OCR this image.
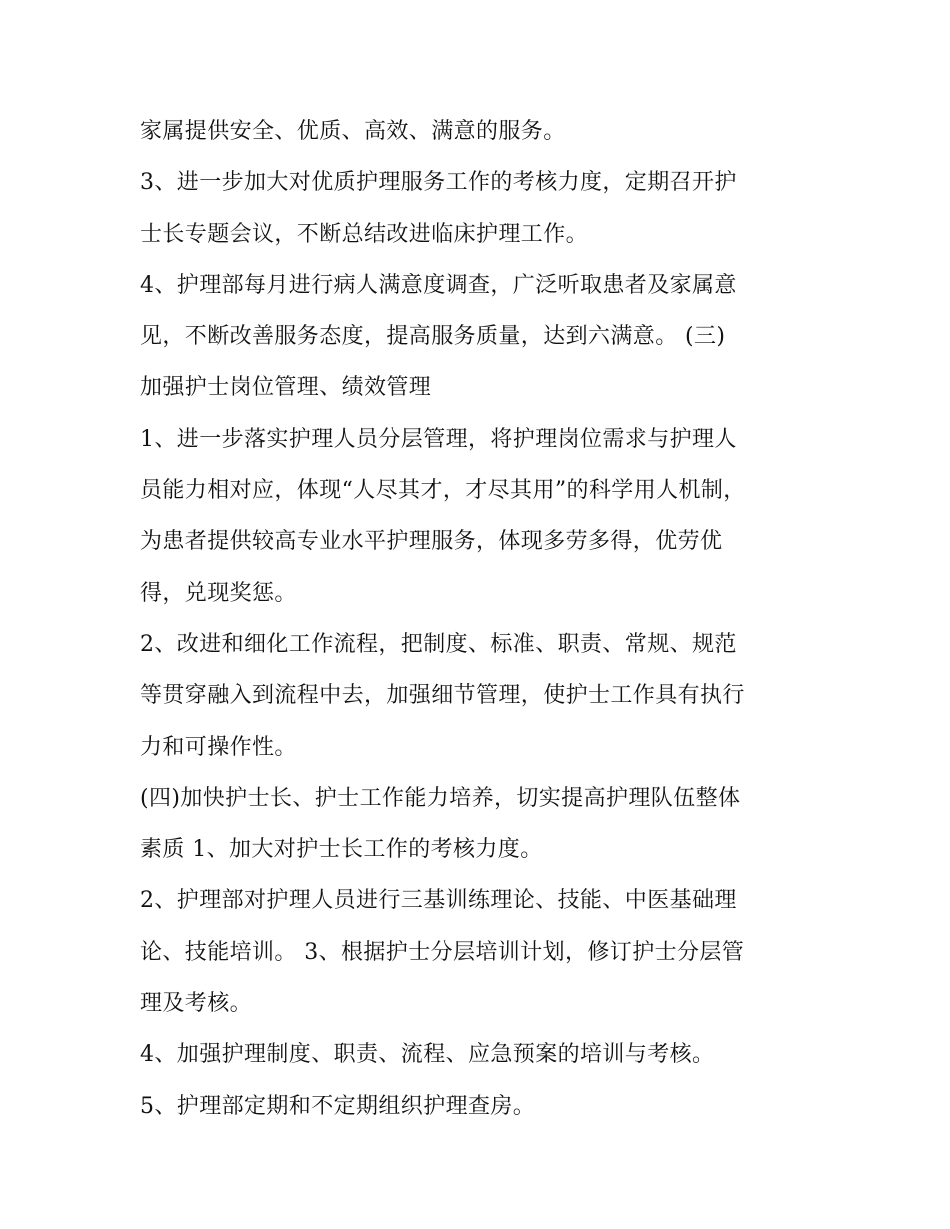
家属提供安全、优质、高效、满意的服务。
3、进一步加大对优质护理服务工作的考核力度，定期召开护
士长专题会议，不断总结改进临床护理工作。
4、护理部每月进行病人满意度调查，广泛听取患者及家属意
见，不断改善服务态度，提高服务质量，达到六满意。 (三)
加强护士岗位管理、绩效管理
1、进一步落实护理人员分层管理，将护理岗位需求与护理人
员能力相对应，体现“人尽其才，才尽其用”的科学用人机制，
为患者提供较高专业水平护理服务，体现多劳多得，优劳优
得，兑现奖惩。
2、改进和细化工作流程，把制度、标准、职责、常规、规范
等贯穿融入到流程中去，加强细节管理，使护士工作具有执行
力和可操作性。
(四)加快护士长、护士工作能力培养，切实提高护理队伍整体
素质 1、加大对护士长工作的考核力度。
2、护理部对护理人员进行三基训练理论、技能、中医基础理
论、技能培训。 3、根据护士分层培训计划，修订护士分层管
理及考核。
4、加强护理制度、职责、流程、应急预案的培训与考核。
5、护理部定期和不定期组织护理查房。
